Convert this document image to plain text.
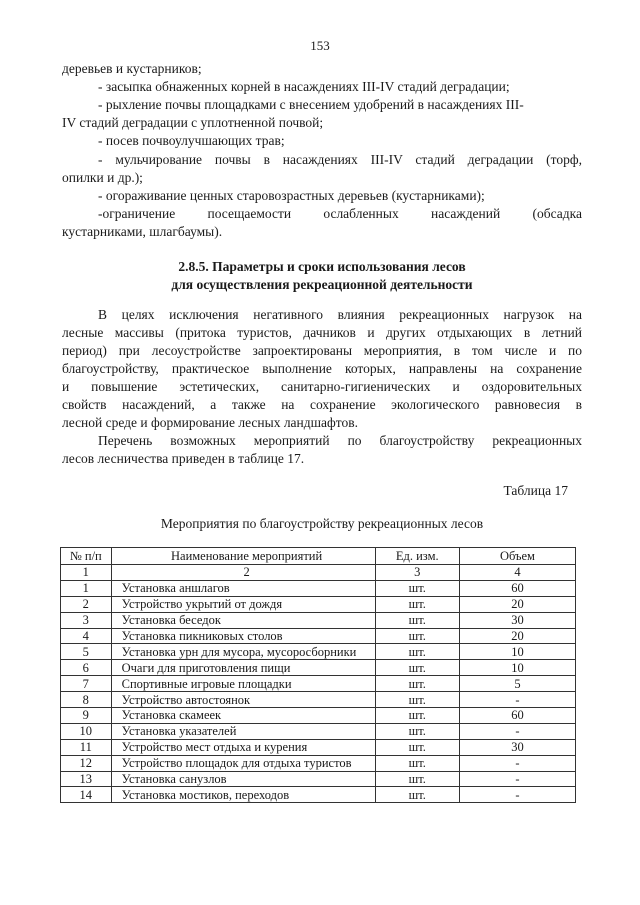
153
деревьев и кустарников;
- засыпка обнаженных корней в насаждениях III-IV стадий деградации;
- рыхление почвы площадками с внесением удобрений в насаждениях III-
IV стадий деградации с уплотненной почвой;
- посев почвоулучшающих трав;
- мульчирование почвы в насаждениях III-IV стадий деградации (торф,
опилки и др.);
- огораживание ценных старовозрастных деревьев (кустарниками);
-ограничение посещаемости ослабленных насаждений (обсадка
кустарниками, шлагбаумы).
2.8.5. Параметры и сроки использования лесов
для осуществления рекреационной деятельности
В целях исключения негативного влияния рекреационных нагрузок на
лесные массивы (притока туристов, дачников и других отдыхающих в летний
период) при лесоустройстве запроектированы мероприятия, в том числе и по
благоустройству, практическое выполнение которых, направлены на сохранение
и повышение эстетических, санитарно-гигиенических и оздоровительных
свойств насаждений, а также на сохранение экологического равновесия в
лесной среде и формирование лесных ландшафтов.
Перечень возможных мероприятий по благоустройству рекреационных
лесов лесничества приведен в таблице 17.
Таблица 17
Мероприятия по благоустройству рекреационных лесов
№ п/п	Наименование мероприятий	Ед. изм.	Объем
1	2	3	4
1	Установка аншлагов	шт.	60
2	Устройство укрытий от дождя	шт.	20
3	Установка беседок	шт.	30
4	Установка пикниковых столов	шт.	20
5	Установка урн для мусора, мусоросборники	шт.	10
6	Очаги для приготовления пищи	шт.	10
7	Спортивные игровые площадки	шт.	5
8	Устройство автостоянок	шт.	-
9	Установка скамеек	шт.	60
10	Установка указателей	шт.	-
11	Устройство мест отдыха и курения	шт.	30
12	Устройство площадок для отдыха туристов	шт.	-
13	Установка санузлов	шт.	-
14	Установка мостиков, переходов	шт.	-
